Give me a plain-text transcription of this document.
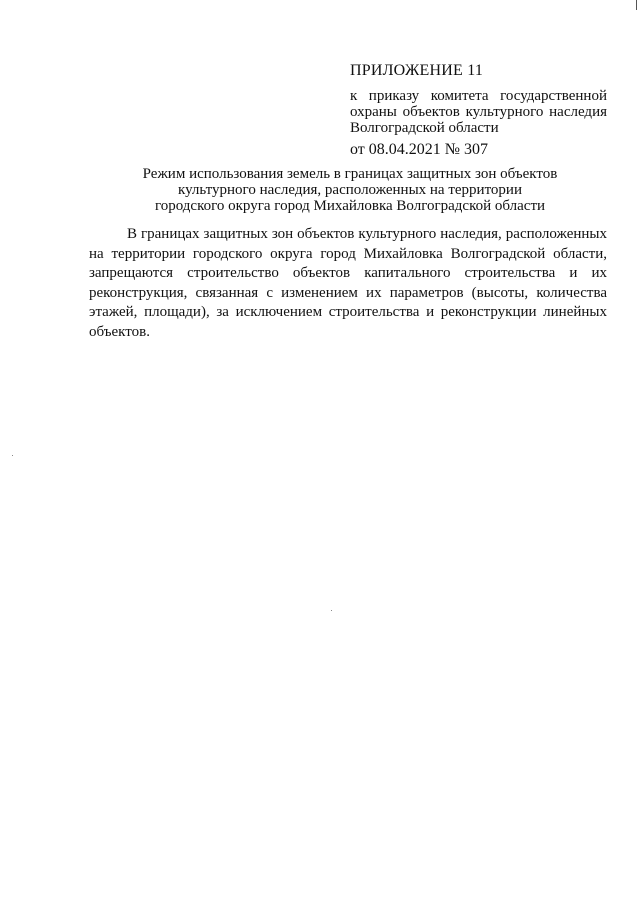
ПРИЛОЖЕНИЕ 11
к приказу комитета государственной охраны объектов культурного наследия Волгоградской области
от 08.04.2021 № 307
Режим использования земель в границах защитных зон объектов
культурного наследия, расположенных на территории
городского округа город Михайловка Волгоградской области

В границах защитных зон объектов культурного наследия, расположенных на территории городского округа город Михайловка Волгоградской области, запрещаются строительство объектов капитального строительства и их реконструкция, связанная с изменением их параметров (высоты, количества этажей, площади), за исключением строительства и реконструкции линейных объектов.
